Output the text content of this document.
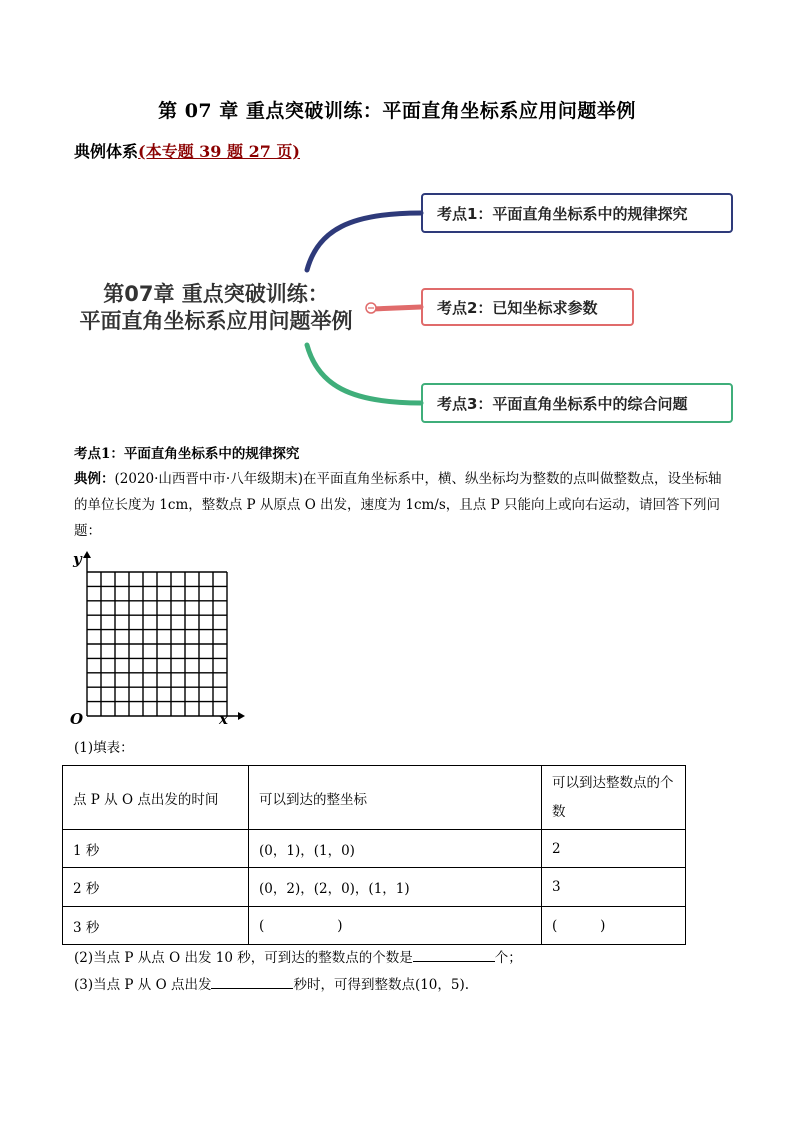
第 07 章 重点突破训练：平面直角坐标系应用问题举例
典例体系(本专题 39 题 27 页)
第07章 重点突破训练：
平面直角坐标系应用问题举例
考点1：平面直角坐标系中的规律探究
考点2：已知坐标求参数
考点3：平面直角坐标系中的综合问题
考点1：平面直角坐标系中的规律探究
典例：(2020·山西晋中市·八年级期末)在平面直角坐标系中，横、纵坐标均为整数的点叫做整数点，设坐标轴的单位长度为 1cm，整数点 P 从原点 O 出发，速度为 1cm/s，且点 P 只能向上或向右运动，请回答下列问题：
y
O	x
(1)填表：
点 P 从 O 点出发的时间	可以到达的整坐标	可以到达整数点的个数
1 秒	(0，1)，(1，0)	2
2 秒	(0，2)，(2，0)，(1，1)	3
3 秒	(                 )	(          )
(2)当点 P 从点 O 出发 10 秒，可到达的整数点的个数是	个；
(3)当点 P 从 O 点出发	秒时，可得到整数点(10，5).
